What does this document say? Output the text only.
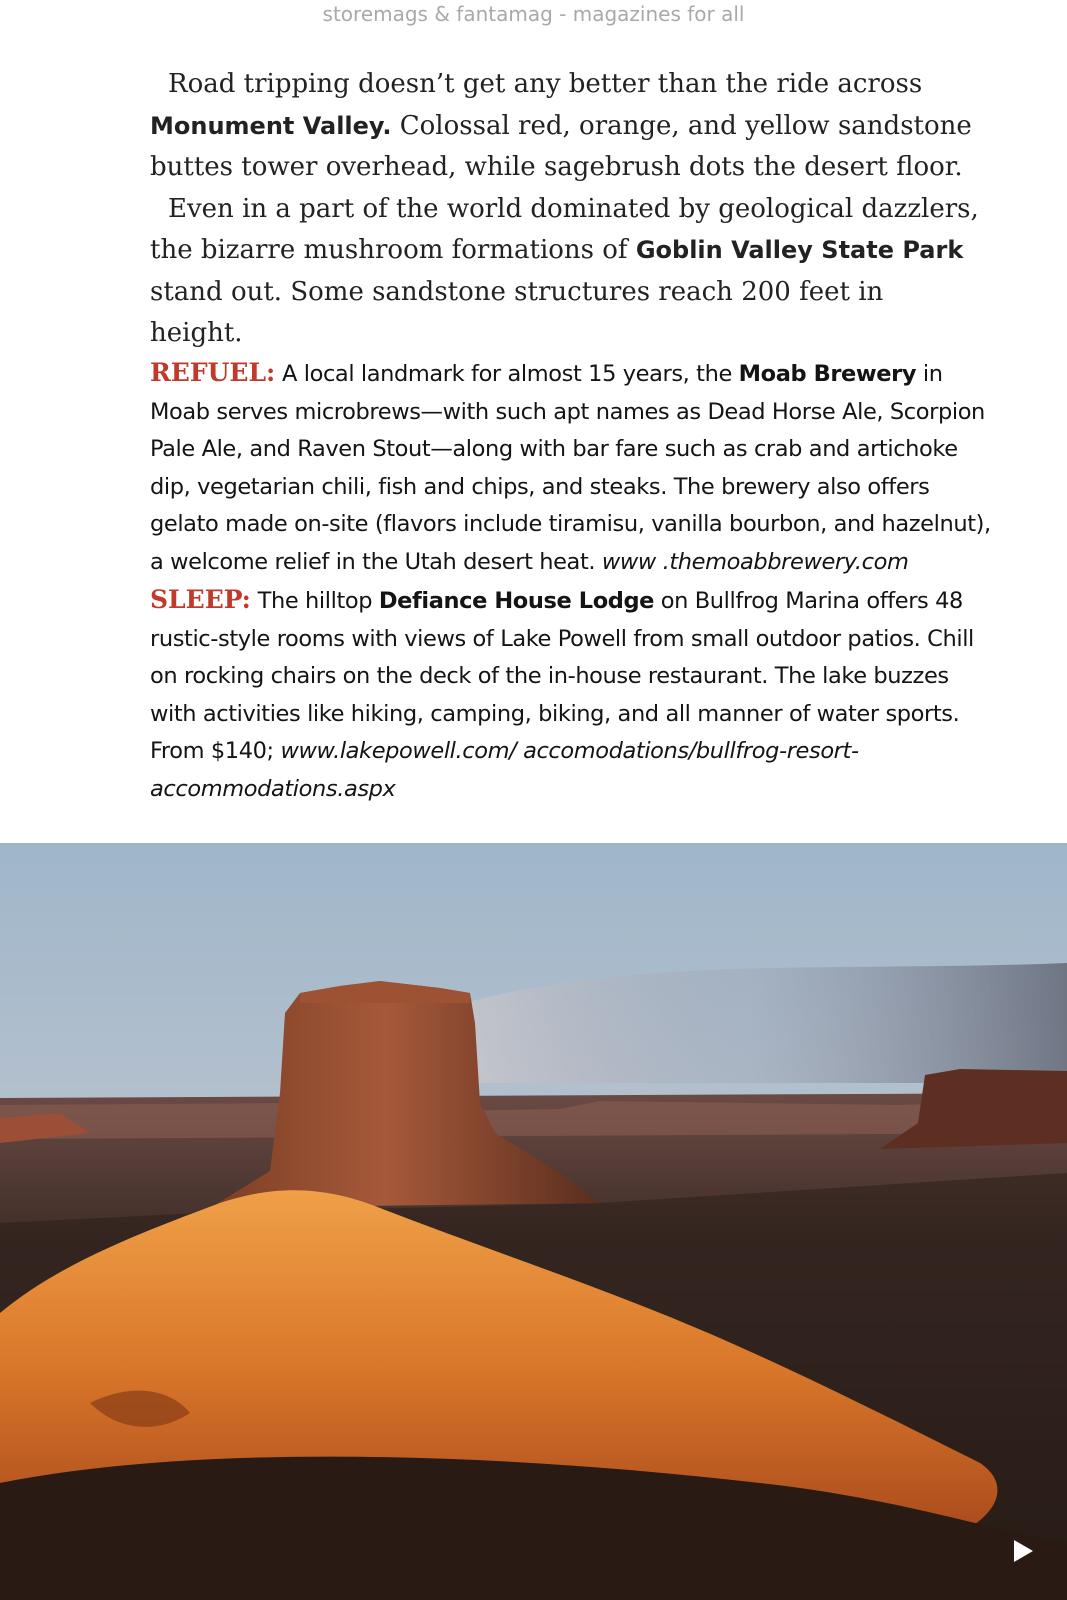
storemags & fantamag - magazines for all

Road tripping doesn’t get any better than the ride across Monument Valley. Colossal red, orange, and yellow sandstone buttes tower overhead, while sagebrush dots the desert floor.

Even in a part of the world dominated by geological dazzlers, the bizarre mushroom formations of Goblin Valley State Park stand out. Some sandstone structures reach 200 feet in height.

REFUEL: A local landmark for almost 15 years, the Moab Brewery in Moab serves microbrews—with such apt names as Dead Horse Ale, Scorpion Pale Ale, and Raven Stout—along with bar fare such as crab and artichoke dip, vegetarian chili, fish and chips, and steaks. The brewery also offers gelato made on-site (flavors include tiramisu, vanilla bourbon, and hazelnut), a welcome relief in the Utah desert heat. www .themoabbrewery.com SLEEP: The hilltop Defiance House Lodge on Bullfrog Marina offers 48 rustic-style rooms with views of Lake Powell from small outdoor patios. Chill on rocking chairs on the deck of the in-house restaurant. The lake buzzes with activities like hiking, camping, biking, and all manner of water sports. From $140; www.lakepowell.com/ accomodations/bullfrog-resort-accommodations.aspx
